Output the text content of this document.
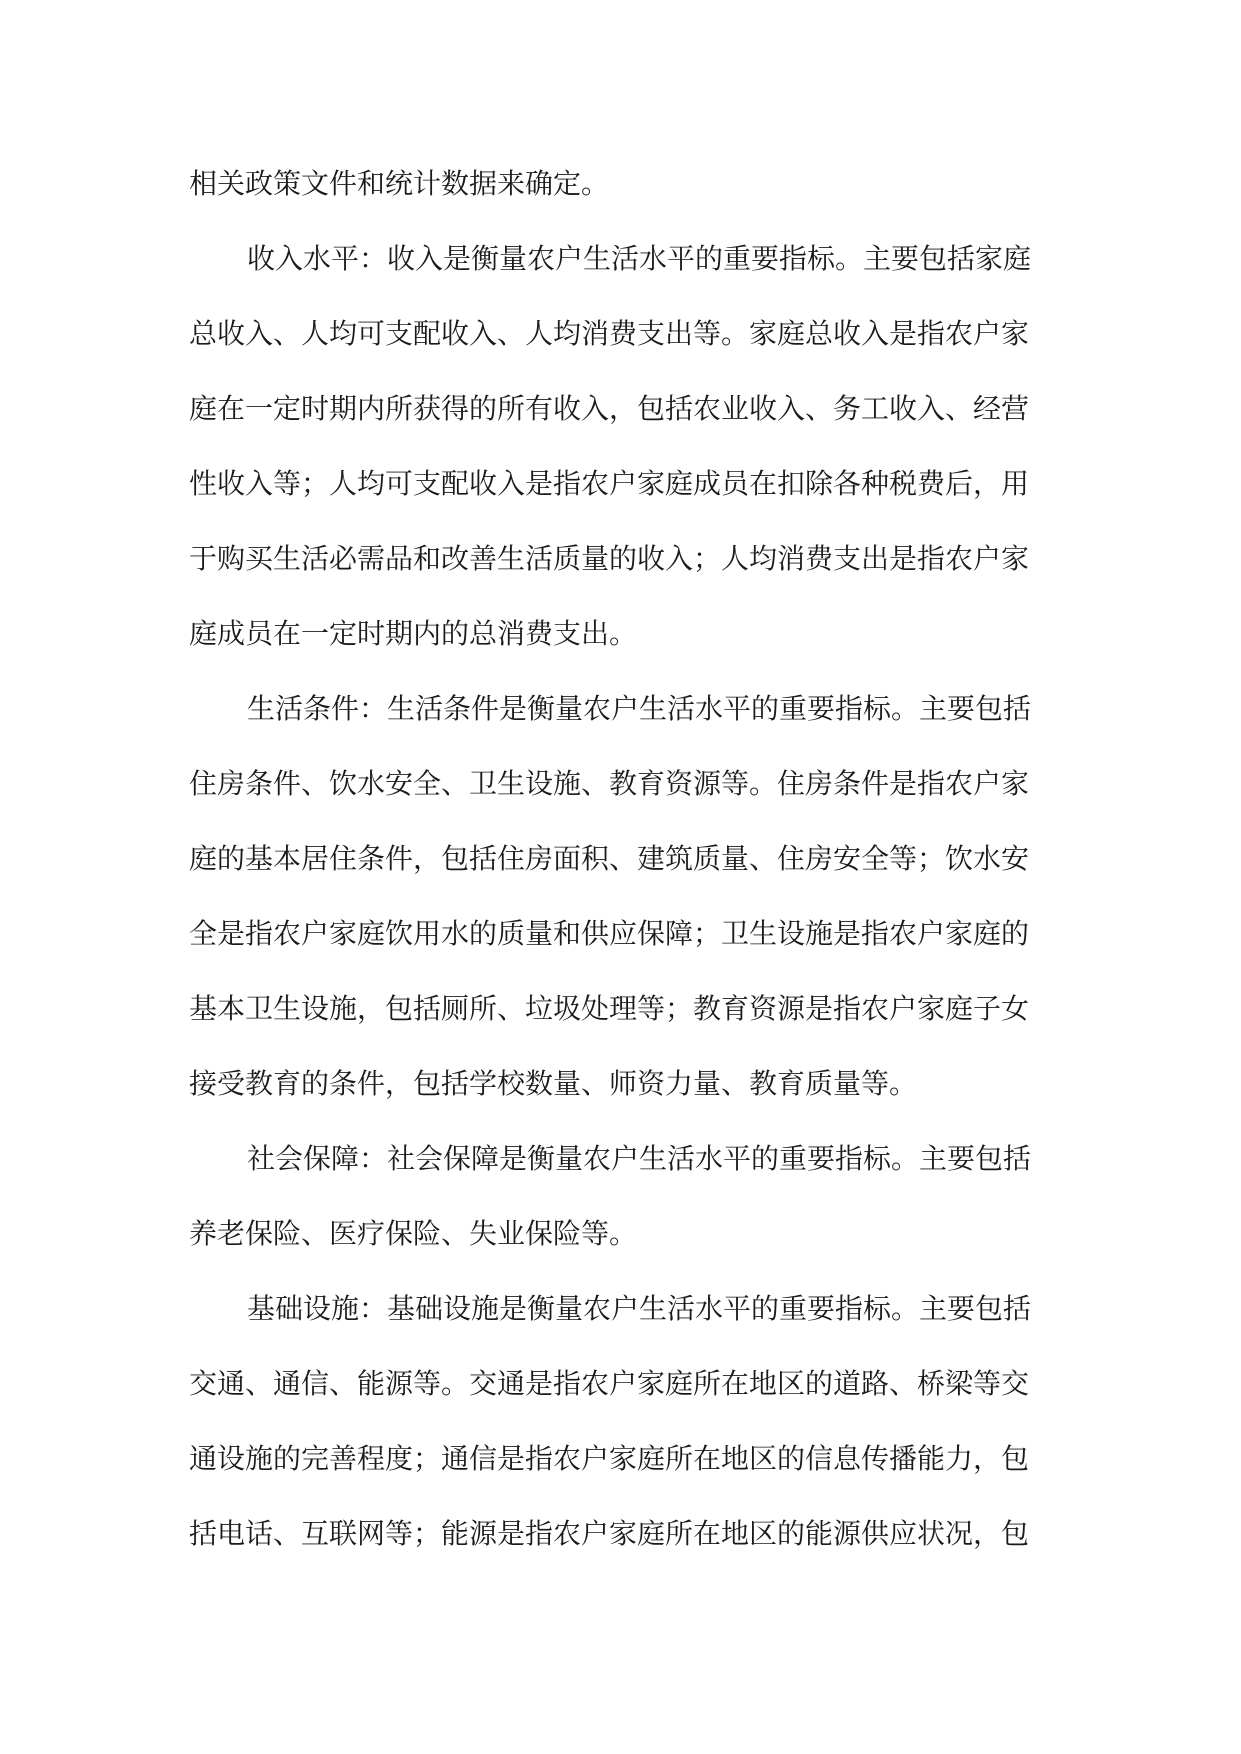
相关政策文件和统计数据来确定。
收入水平：收入是衡量农户生活水平的重要指标。主要包括家庭
总收入、人均可支配收入、人均消费支出等。家庭总收入是指农户家
庭在一定时期内所获得的所有收入，包括农业收入、务工收入、经营
性收入等；人均可支配收入是指农户家庭成员在扣除各种税费后，用
于购买生活必需品和改善生活质量的收入；人均消费支出是指农户家
庭成员在一定时期内的总消费支出。
生活条件：生活条件是衡量农户生活水平的重要指标。主要包括
住房条件、饮水安全、卫生设施、教育资源等。住房条件是指农户家
庭的基本居住条件，包括住房面积、建筑质量、住房安全等；饮水安
全是指农户家庭饮用水的质量和供应保障；卫生设施是指农户家庭的
基本卫生设施，包括厕所、垃圾处理等；教育资源是指农户家庭子女
接受教育的条件，包括学校数量、师资力量、教育质量等。
社会保障：社会保障是衡量农户生活水平的重要指标。主要包括
养老保险、医疗保险、失业保险等。
基础设施：基础设施是衡量农户生活水平的重要指标。主要包括
交通、通信、能源等。交通是指农户家庭所在地区的道路、桥梁等交
通设施的完善程度；通信是指农户家庭所在地区的信息传播能力，包
括电话、互联网等；能源是指农户家庭所在地区的能源供应状况，包
